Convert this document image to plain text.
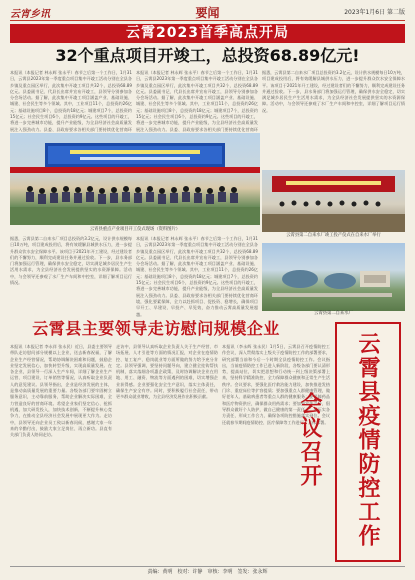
云宵乡讯	要闻	2023年1月6日 第二版
云霄2023首季高点开局
32个重点项目开竣工，总投资68.89亿元!
本报讯（本报记者 林永辉 张永平）春节之后第一个工作日，1月31日，云霄县2023年第一季度重点项目集中开竣工活动分别在全县各乡镇及重点园区举行，此次集中开竣工项目共32个，总投资68.89亿元。县委副书记、代县长出席并宣布开竣工，县领导分别参加各分会场活动。据了解，此次集中开竣工项目涵盖产业、基础设施、城建、社会民生等多个领域。其中，工业项目11个，总投资约26亿元；基础设施项目8个，总投资约18亿元；城建项目7个，总投资约15亿元；社会民生项目6个，总投资约9亿元。这些项目的开竣工，将进一步完善城市功能，提升产业能级，为全县经济社会高质量发展注入强劲动力。县委、县政府要求各相关部门要持续优化营商环
本报讯（本报记者 林永辉 张永平）春节之后第一个工作日，1月31日，云霄县2023年第一季度重点项目集中开竣工活动分别在全县各乡镇及重点园区举行，此次集中开竣工项目共32个，总投资68.89亿元。县委副书记、代县长出席并宣布开竣工，县领导分别参加各分会场活动。据了解，此次集中开竣工项目涵盖产业、基础设施、城建、社会民生等多个领域。其中，工业项目11个，总投资约26亿元；基础设施项目8个，总投资约18亿元；城建项目7个，总投资约15亿元；社会民生项目6个，总投资约9亿元。这些项目的开竣工，将进一步完善城市功能，提升产业能级，为全县经济社会高质量发展注入强劲动力。县委、县政府要求各相关部门要持续优化营商环
据悉，云霄县第二自来水厂项目总投资约3.2亿元，设计供水规模每日10万吨，项目建成投用后，将有效缓解县城供水压力，进一步提升群众饮水安全保障水平。该项目于2021年开工建设，经过建设者们的不懈努力，顺利完成建设任务并通过验收。下一步，县水务部门将加强运行管理，确保供水安全稳定，切实满足城乡居民生产生活用水需求，为全县经济社会发展提供坚实的水资源保障。活动中，与会领导还参观了水厂生产车间和中控室，详细了解项目运行情况。
云宵县重点产业项目开工仪式现场（资料图片）
云霄县第二自来水厂竣工投产仪式在自来水厂举行
云霄县第二自来水厂
据悉，云霄县第二自来水厂项目总投资约3.2亿元，设计供水规模每日10万吨，项目建成投用后，将有效缓解县城供水压力，进一步提升群众饮水安全保障水平。该项目于2021年开工建设，经过建设者们的不懈努力，顺利完成建设任务并通过验收。下一步，县水务部门将加强运行管理，确保供水安全稳定，切实满足城乡居民生产生活用水需求，为全县经济社会发展提供坚实的水资源保障。活动中，与会领导还参观了水厂生产车间和中控室，详细了解项目运行情况。
本报讯（本报记者 林永辉 张永平）春节之后第一个工作日，1月31日，云霄县2023年第一季度重点项目集中开竣工活动分别在全县各乡镇及重点园区举行，此次集中开竣工项目共32个，总投资68.89亿元。县委副书记、代县长出席并宣布开竣工，县领导分别参加各分会场活动。据了解，此次集中开竣工项目涵盖产业、基础设施、城建、社会民生等多个领域。其中，工业项目11个，总投资约26亿元；基础设施项目8个，总投资约18亿元；城建项目7个，总投资约15亿元；社会民生项目6个，总投资约9亿元。这些项目的开竣工，将进一步完善城市功能，提升产业能级，为全县经济社会高质量发展注入强劲动力。县委、县政府要求各相关部门要持续优化营商环境，强化要素保障，全力以赴抓项目、促投资、稳增长，确保项目早开工、早建设、早投产、早见效，奋力推动云霄高质量发展超越。
云霄县主要领导走访慰问规模企业
本报讯（本报记者 李永祥 张永民）近日，县委主要领导带队走访慰问部分规模以上企业，送去新春祝福，了解企业生产经营情况，帮助协调解决困难和问题，鼓励企业坚定发展信心，加快转型升级，实现高质量发展。在各企业，县领导一行深入生产车间，详细了解企业生产运营、项目建设、订单销售等情况，认真听取企业负责人的意见建议。县领导指出，企业是经济发展的主体，是推动高质量发展的重要力量。各级各部门要牢固树立服务意识，主动靠前服务，帮助企业解决实际困难，全力营造良好的营商环境。希望企业家们坚定信心、抢抓机遇，加大研发投入，加快技术创新，不断提升核心竞争力，在推动全县经济社会发展中展现更大作为。走访中，县领导还向企业员工致以新春问候，感谢大家一年来的辛勤付出，鼓励大家立足岗位、再立新功。县直有关部门负责人陪同走访。
走访中，县领导认真听取企业负责人关于生产经营、市场拓展、人才引进等方面的情况汇报，对企业在疫情防控、复工复产、稳岗就业等方面所做的努力给予充分肯定。县领导强调，要坚持问题导向，建立健全挂钩帮扶机制，落实落细各项惠企政策，及时协调解决企业在用地、用工、融资、物流等方面遇到的困难，切实增强企业获得感。企业要强化安全生产意识，落实主体责任，确保生产安全有序。同时，要积极履行社会责任，带动更多群众就业增收，为全县经济发展作出积极贡献。
本报讯（李永辉 张永民）1月5日，云霄县召开疫情防控工作会议，深入贯彻落实上级关于疫情防控工作的部署要求，研究部署当前和今后一个时期全县疫情防控工作。会议指出，当前疫情防控工作已进入新阶段，各级各部门要认清形势，提高站位，切实把思想和行动统一到上级决策部署上来，坚持科学精准防控，全力保障群众健康和正常生产生活秩序。会议要求，要强化医疗救治能力建设，加快推进发热门诊、重症床位等扩容提质；要加强重点人群健康管理，做好老年人、基础病患者等重点人群的健康服务；要保障药品和医疗物资供应，确保群众用药需求；要加强宣传引导，倡导群众做好个人防护，做自己健康的第一责任人；要压实各方责任，形成工作合力，确保各项防控措施落实到位。会议还就春节期间疫情防控、医疗保障等工作进行了具体部署。	云霄县疫情防控工作会议召开
责编：黄明　校对：许静　审核：李明　签发：张永辉
